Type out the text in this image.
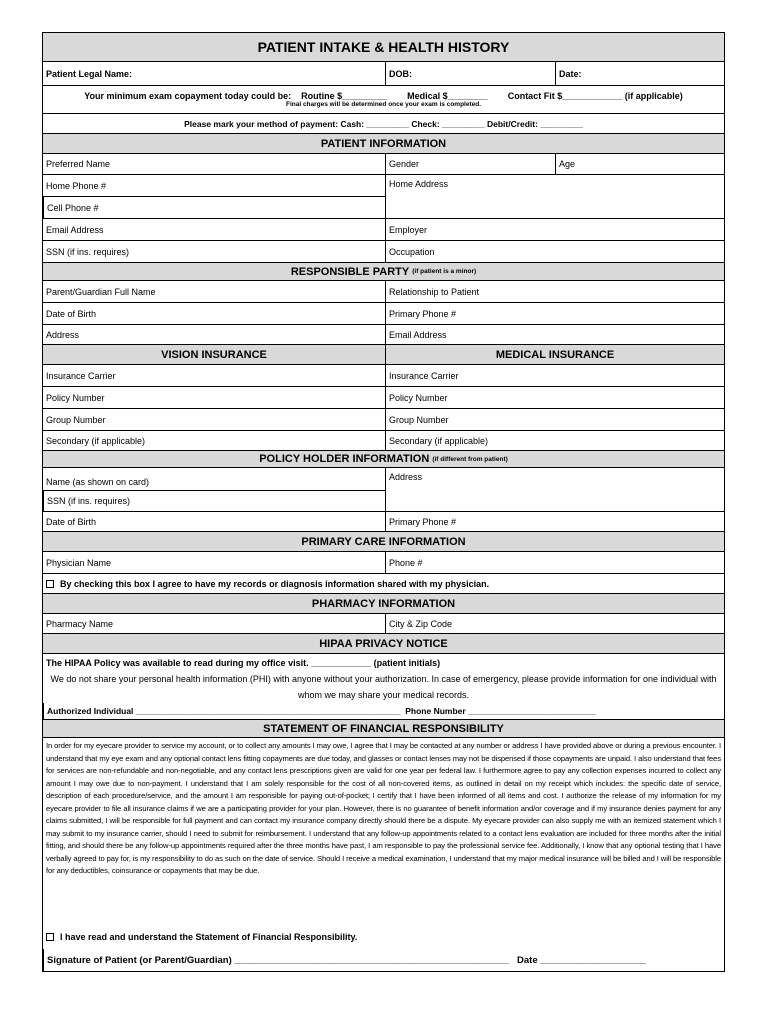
PATIENT INTAKE & HEALTH HISTORY
Patient Legal Name:	DOB:	Date:
Your minimum exam copayment today could be:    Routine $_________        Medical $________        Contact Fit $____________ (if applicable)
Final charges will be determined once your exam is completed.
Please mark your method of payment: Cash: _________ Check: _________ Debit/Credit: _________
PATIENT INFORMATION
Preferred Name	Gender	Age
Home Phone #
Cell Phone #
Home Address
Email Address	Employer
SSN (if ins. requires)	Occupation
RESPONSIBLE PARTY (if patient is a minor)
Parent/Guardian Full Name	Relationship to Patient
Date of Birth	Primary Phone #
Address	Email Address
VISION INSURANCE	MEDICAL INSURANCE
Insurance Carrier	Insurance Carrier
Policy Number	Policy Number
Group Number	Group Number
Secondary (if applicable)	Secondary (if applicable)
POLICY HOLDER INFORMATION (if different from patient)
Name (as shown on card)
SSN (if ins. requires)
Address
Date of Birth	Primary Phone #
PRIMARY CARE INFORMATION
Physician Name	Phone #
By checking this box I agree to have my records or diagnosis information shared with my physician.
PHARMACY INFORMATION
Pharmacy Name	City & Zip Code
HIPAA PRIVACY NOTICE
The HIPAA Policy was available to read during my office visit. ____________ (patient initials)
We do not share your personal health information (PHI) with anyone without your authorization. In case of emergency, please provide information for one individual with whom we may share your medical records.
Authorized Individual ________________________________________________________  Phone Number ___________________________
STATEMENT OF FINANCIAL RESPONSIBILITY
In order for my eyecare provider to service my account, or to collect any amounts I may owe, I agree that I may be contacted at any number or address I have provided above or during a previous encounter. I understand that my eye exam and any optional contact lens fitting copayments are due today, and glasses or contact lenses may not be dispensed if those copayments are unpaid. I also understand that fees for services are non-refundable and non-negotiable, and any contact lens prescriptions given are valid for one year per federal law. I furthermore agree to pay any collection expenses incurred to collect any amount I may owe due to non-payment. I understand that I am solely responsible for the cost of all non-covered items, as outlined in detail on my receipt which includes: the specific date of service, description of each procedure/service, and the amount I am responsible for paying out-of-pocket; I certify that I have been informed of all items and cost. I authorize the release of my information for my eyecare provider to file all insurance claims if we are a participating provider for your plan. However, there is no guarantee of benefit information and/or coverage and if my insurance denies payment for any claims submitted, I will be responsible for full payment and can contact my insurance company directly should there be a dispute. My eyecare provider can also supply me with an itemized statement which I may submit to my insurance carrier, should I need to submit for reimbursement. I understand that any follow-up appointments related to a contact lens evaluation are included for three months after the initial fitting, and should there be any follow-up appointments required after the three months have past, I am responsible to pay the professional service fee. Additionally, I know that any optional testing that I have verbally agreed to pay for, is my responsibility to do as such on the date of service. Should I receive a medical examination, I understand that my major medical insurance will be billed and I will be responsible for any deductibles, coinsurance or copayments that may be due.
I have read and understand the Statement of Financial Responsibility.
Signature of Patient (or Parent/Guardian) ____________________________________________________   Date ____________________
